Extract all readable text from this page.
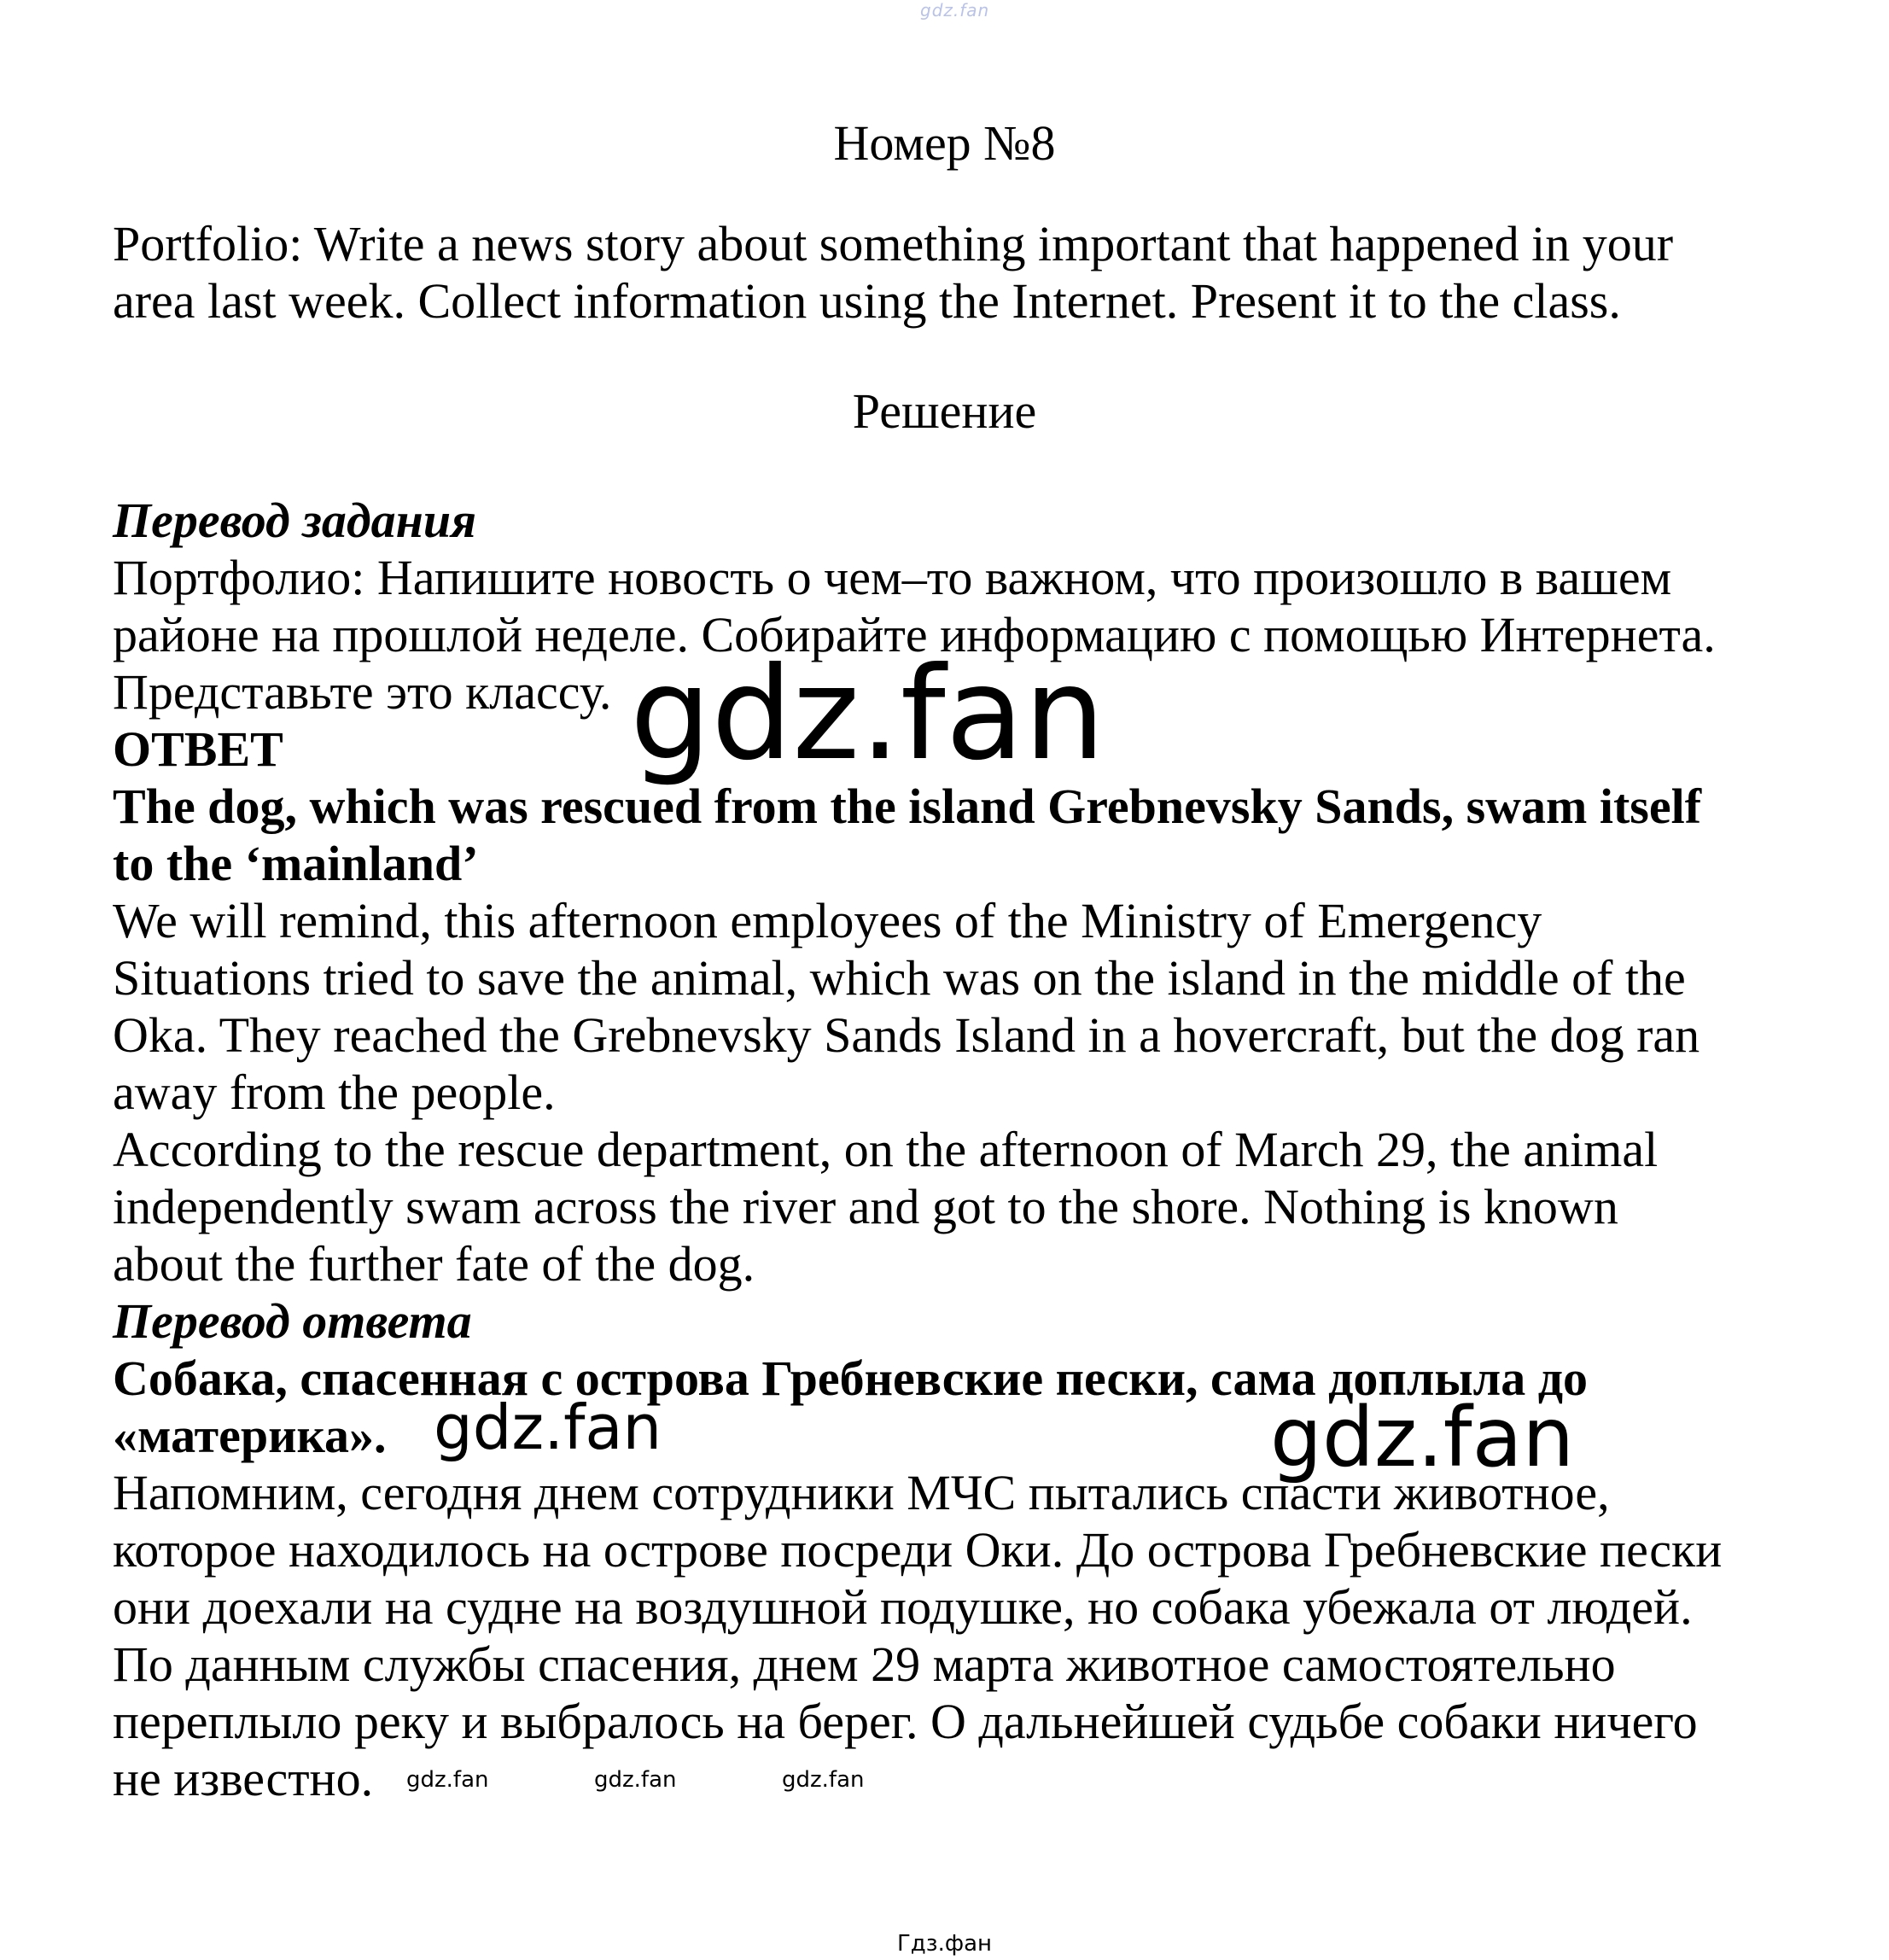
gdz.fan
Номер №8
Portfolio: Write a news story about something important that happened in your
area last week. Collect information using the Internet. Present it to the class.
Решение

Перевод задания

Портфолио: Напишите новость о чем–то важном, что произошло в вашем

районе на прошлой неделе. Собирайте информацию с помощью Интернета.

Представьте это классу.

ОТВЕТ

The dog, which was rescued from the island Grebnevsky Sands, swam itself

to the ‘mainland’

We will remind, this afternoon employees of the Ministry of Emergency

Situations tried to save the animal, which was on the island in the middle of the

Oka. They reached the Grebnevsky Sands Island in a hovercraft, but the dog ran

away from the people.

According to the rescue department, on the afternoon of March 29, the animal

independently swam across the river and got to the shore. Nothing is known

about the further fate of the dog.

Перевод ответа

Собака, спасенная с острова Гребневские пески, сама доплыла до

«материка».

Напомним, сегодня днем сотрудники МЧС пытались спасти животное,

которое находилось на острове посреди Оки. До острова Гребневские пески

они доехали на судне на воздушной подушке, но собака убежала от людей.

По данным службы спасения, днем 29 марта животное самостоятельно

переплыло реку и выбралось на берег. О дальнейшей судьбе собаки ничего

не известно.

gdz.fan
gdz.fan	gdz.fan
gdz.fan	gdz.fan	gdz.fan
Гдз.фан
